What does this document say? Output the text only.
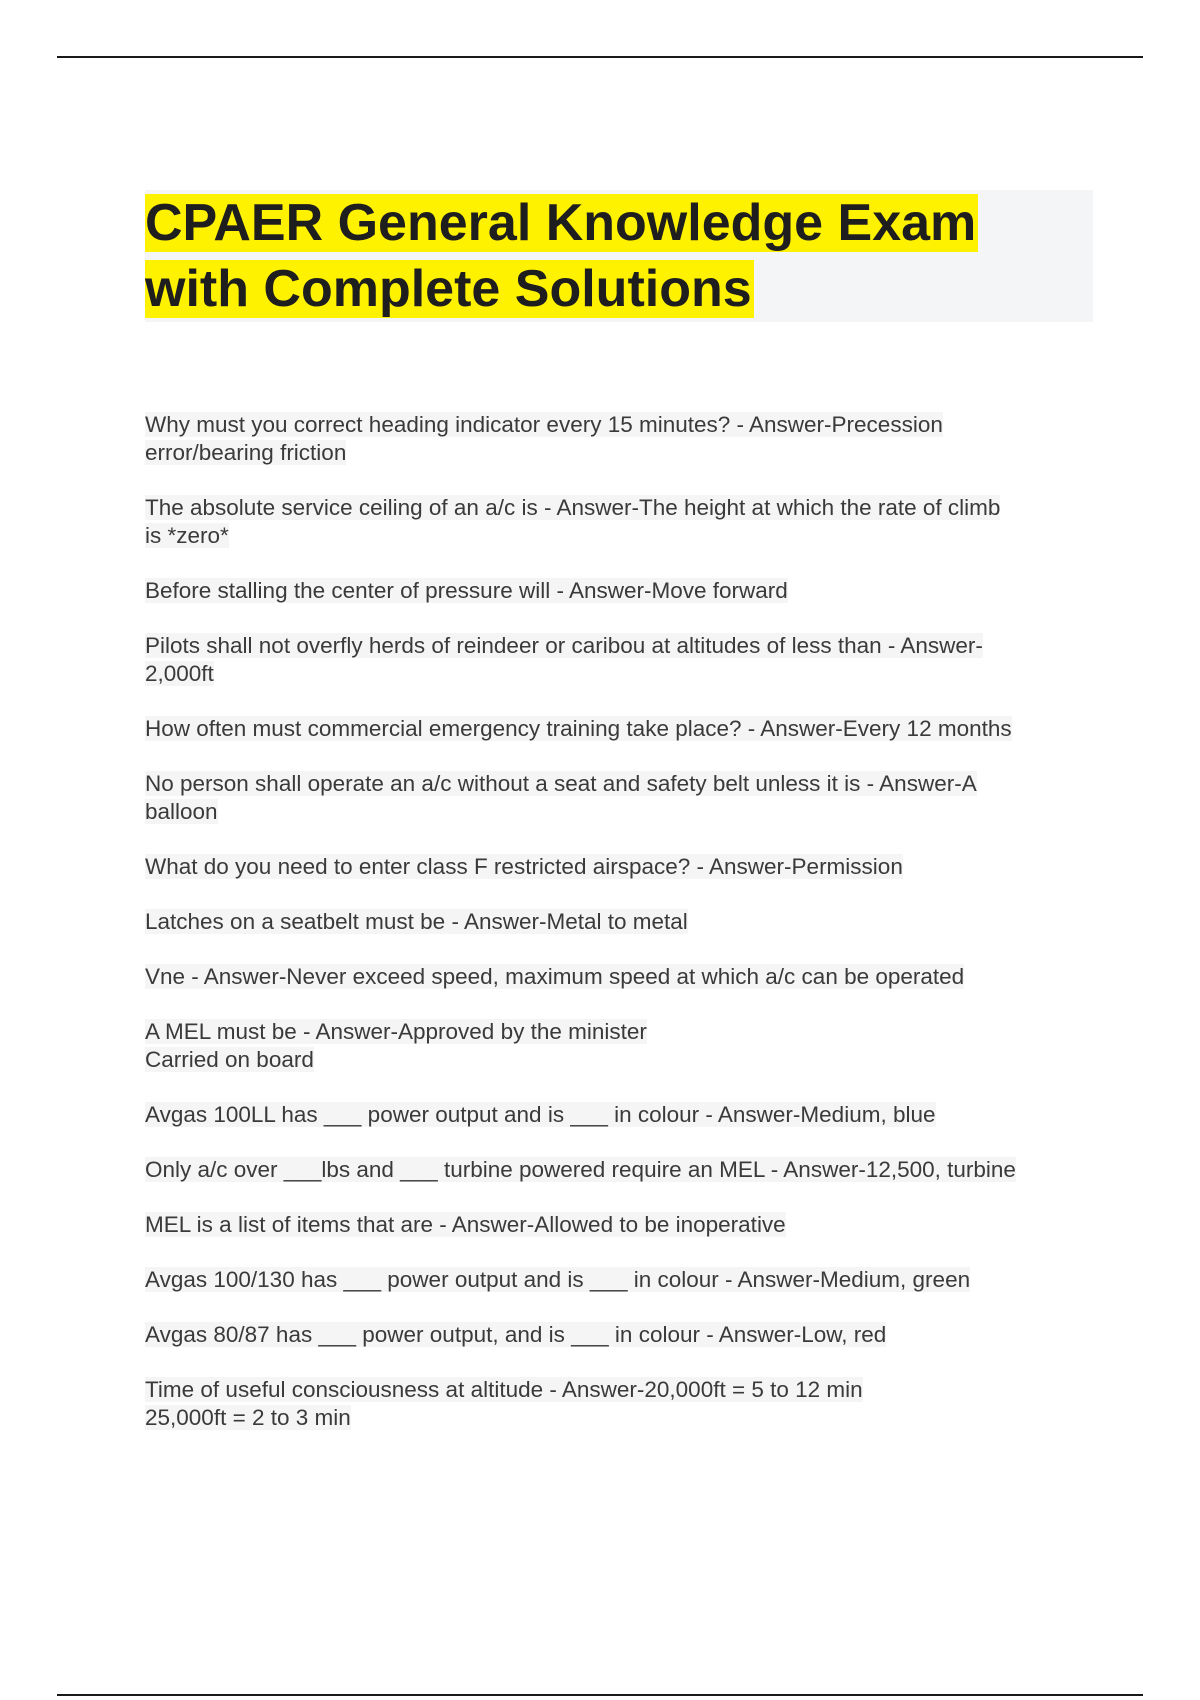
CPAER General Knowledge Exam
with Complete Solutions
Why must you correct heading indicator every 15 minutes? - Answer-Precession
error/bearing friction
The absolute service ceiling of an a/c is - Answer-The height at which the rate of climb
is *zero*
Before stalling the center of pressure will - Answer-Move forward
Pilots shall not overfly herds of reindeer or caribou at altitudes of less than - Answer-
2,000ft
How often must commercial emergency training take place? - Answer-Every 12 months
No person shall operate an a/c without a seat and safety belt unless it is - Answer-A
balloon
What do you need to enter class F restricted airspace? - Answer-Permission
Latches on a seatbelt must be - Answer-Metal to metal
Vne - Answer-Never exceed speed, maximum speed at which a/c can be operated
A MEL must be - Answer-Approved by the minister
Carried on board
Avgas 100LL has ___ power output and is ___ in colour - Answer-Medium, blue
Only a/c over ___lbs and ___ turbine powered require an MEL - Answer-12,500, turbine
MEL is a list of items that are - Answer-Allowed to be inoperative
Avgas 100/130 has ___ power output and is ___ in colour - Answer-Medium, green
Avgas 80/87 has ___ power output, and is ___ in colour - Answer-Low, red
Time of useful consciousness at altitude - Answer-20,000ft = 5 to 12 min
25,000ft = 2 to 3 min
